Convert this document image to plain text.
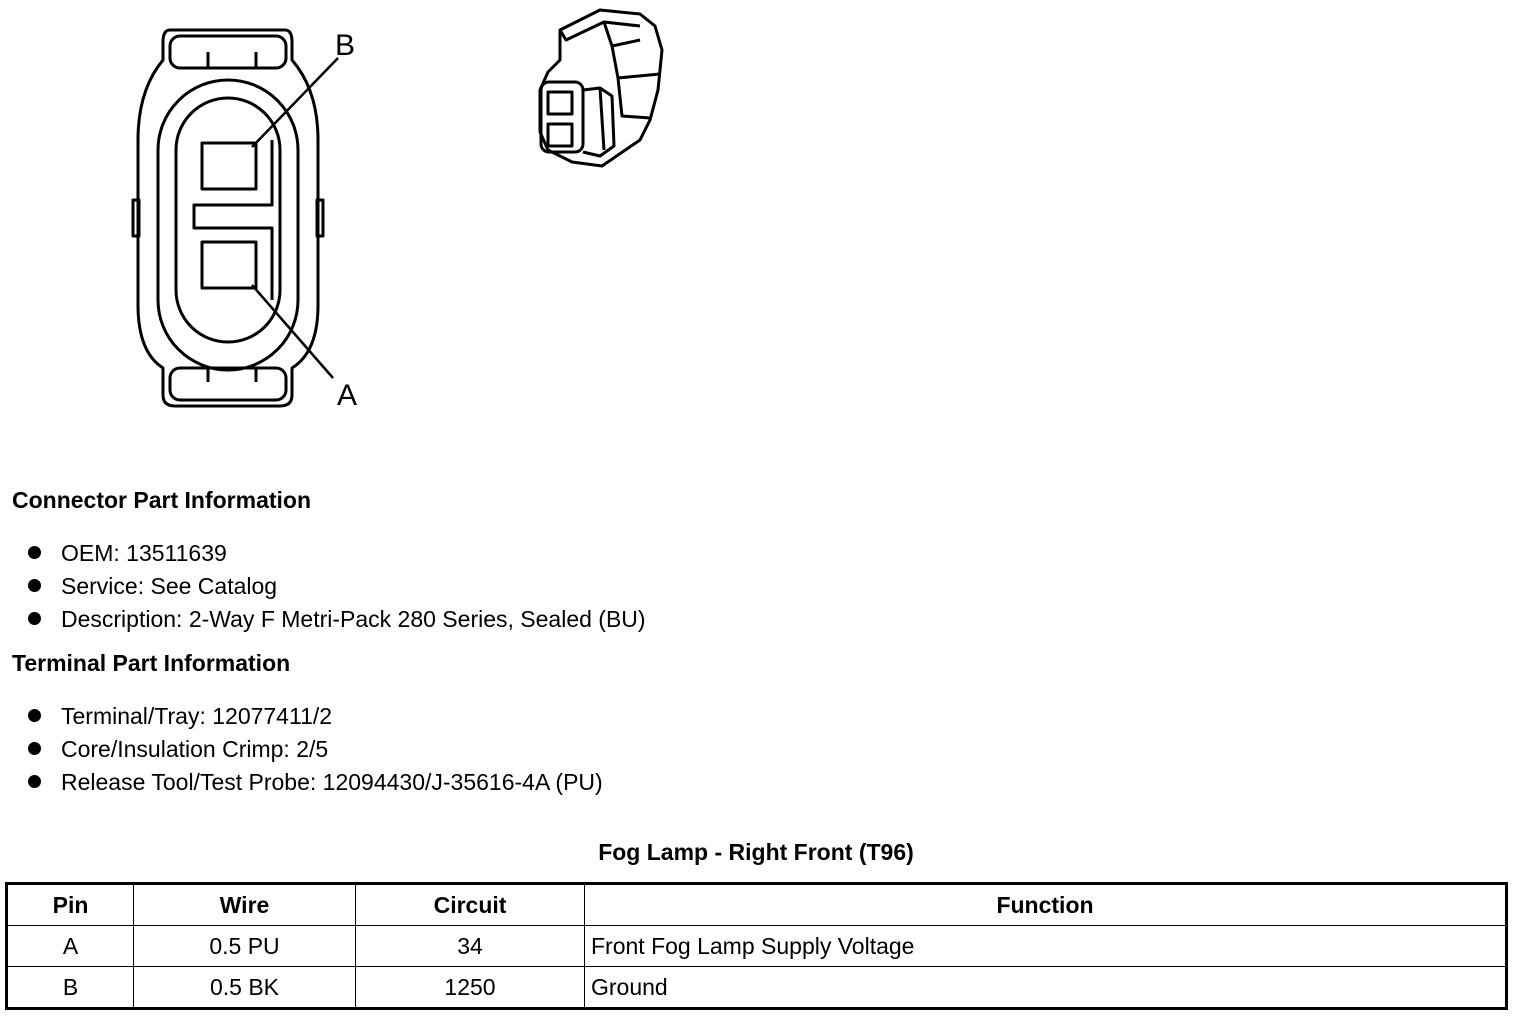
B
A
Connector Part Information
OEM: 13511639
Service: See Catalog
Description: 2-Way F Metri-Pack 280 Series, Sealed (BU)
Terminal Part Information
Terminal/Tray: 12077411/2
Core/Insulation Crimp: 2/5
Release Tool/Test Probe: 12094430/J-35616-4A (PU)
Fog Lamp - Right Front (T96)
Pin	Wire	Circuit	Function
A	0.5 PU	34	Front Fog Lamp Supply Voltage
B	0.5 BK	1250	Ground
